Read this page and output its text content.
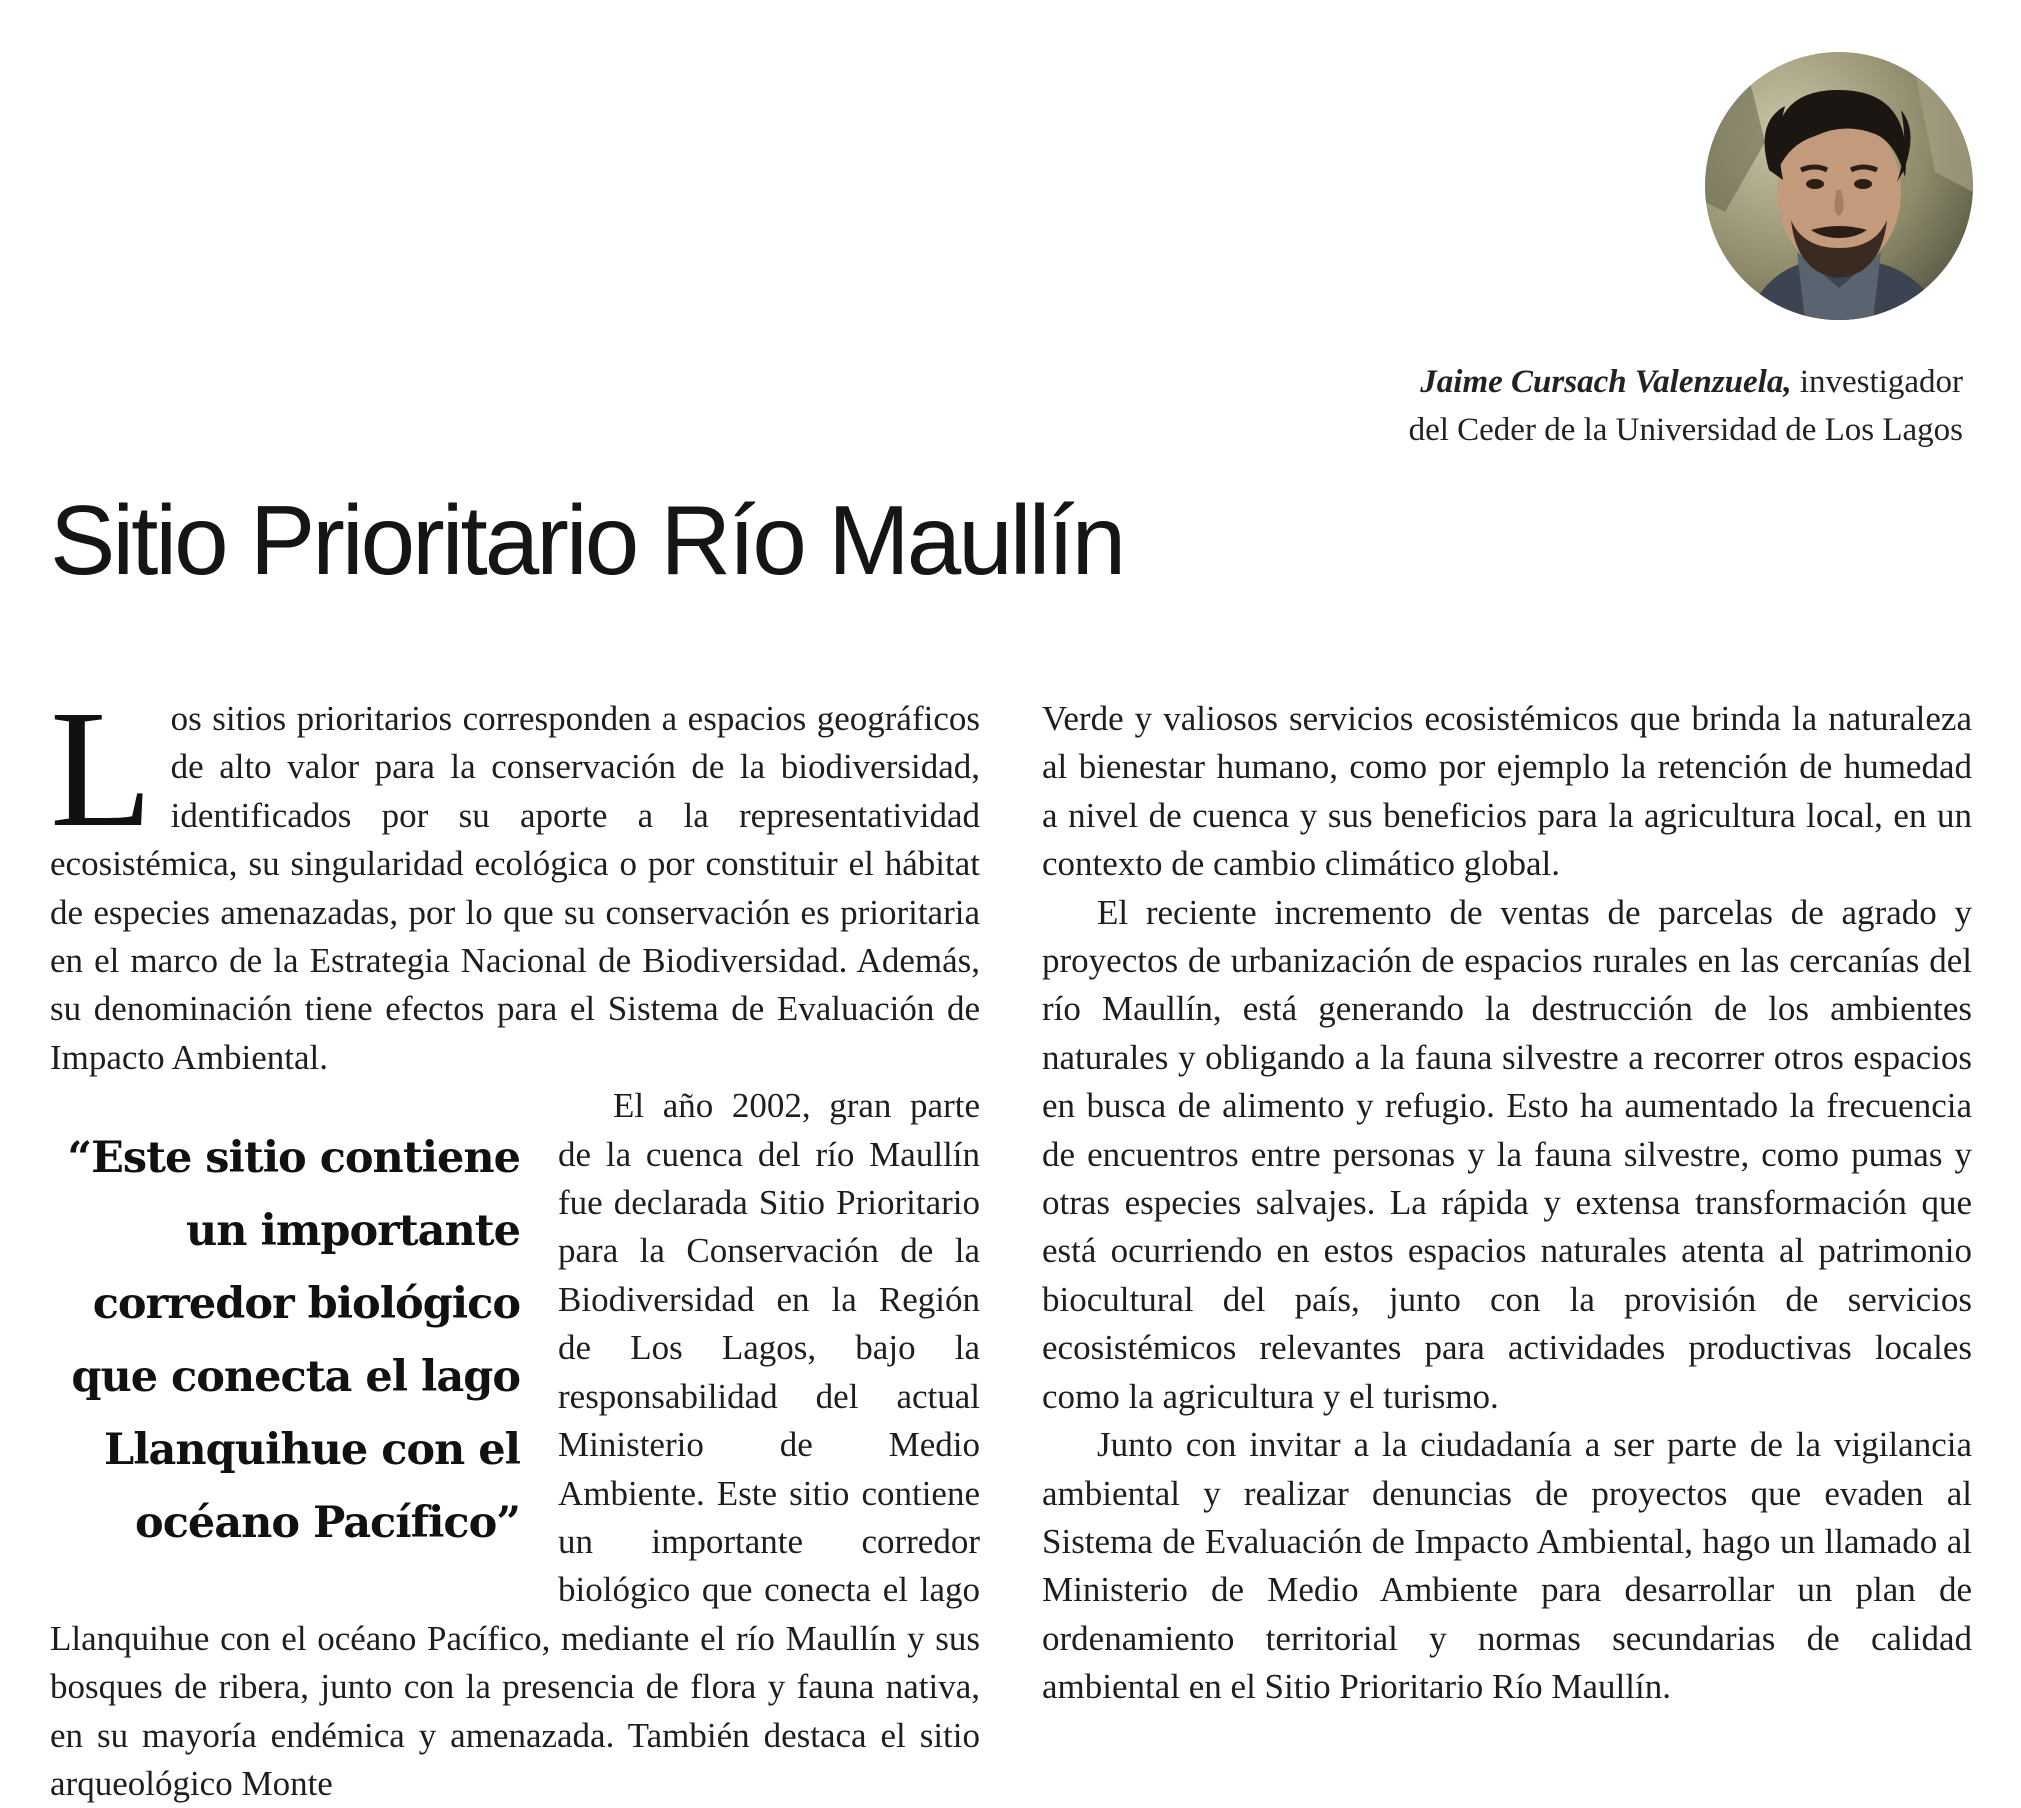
Jaime Cursach Valenzuela, investigador
del Ceder de la Universidad de Los Lagos
Sitio Prioritario Río Maullín

Los sitios prioritarios corresponden a espacios geográficos de alto valor para la conservación de la biodiversidad, identificados por su aporte a la representatividad ecosistémica, su singularidad ecológica o por constituir el hábitat de especies amenazadas, por lo que su conservación es prioritaria en el marco de la Estrategia Nacional de Biodiversidad. Además, su denominación tiene efectos para el Sistema de Evaluación de Impacto Ambiental.

“Este sitio contiene un importante corredor biológico que conecta el lago Llanquihue con el océano Pacífico”

El año 2002, gran parte de la cuenca del río Maullín fue declarada Sitio Prioritario para la Conservación de la Biodiversidad en la Región de Los Lagos, bajo la responsabilidad del actual Ministerio de Medio Ambiente. Este sitio contiene un importante corredor biológico que conecta el lago Llanquihue con el océano Pacífico, mediante el río Maullín y sus bosques de ribera, junto con la presencia de flora y fauna nativa, en su mayoría endémica y amenazada. También destaca el sitio arqueológico Monte

Verde y valiosos servicios ecosistémicos que brinda la naturaleza al bienestar humano, como por ejemplo la retención de humedad a nivel de cuenca y sus beneficios para la agricultura local, en un contexto de cambio climático global.

El reciente incremento de ventas de parcelas de agrado y proyectos de urbanización de espacios rurales en las cercanías del río Maullín, está generando la destrucción de los ambientes naturales y obligando a la fauna silvestre a recorrer otros espacios en busca de alimento y refugio. Esto ha aumentado la frecuencia de encuentros entre personas y la fauna silvestre, como pumas y otras especies salvajes. La rápida y extensa transformación que está ocurriendo en estos espacios naturales atenta al patrimonio biocultural del país, junto con la provisión de servicios ecosistémicos relevantes para actividades productivas locales como la agricultura y el turismo.

Junto con invitar a la ciudadanía a ser parte de la vigilancia ambiental y realizar denuncias de proyectos que evaden al Sistema de Evaluación de Impacto Ambiental, hago un llamado al Ministerio de Medio Ambiente para desarrollar un plan de ordenamiento territorial y normas secundarias de calidad ambiental en el Sitio Prioritario Río Maullín.
